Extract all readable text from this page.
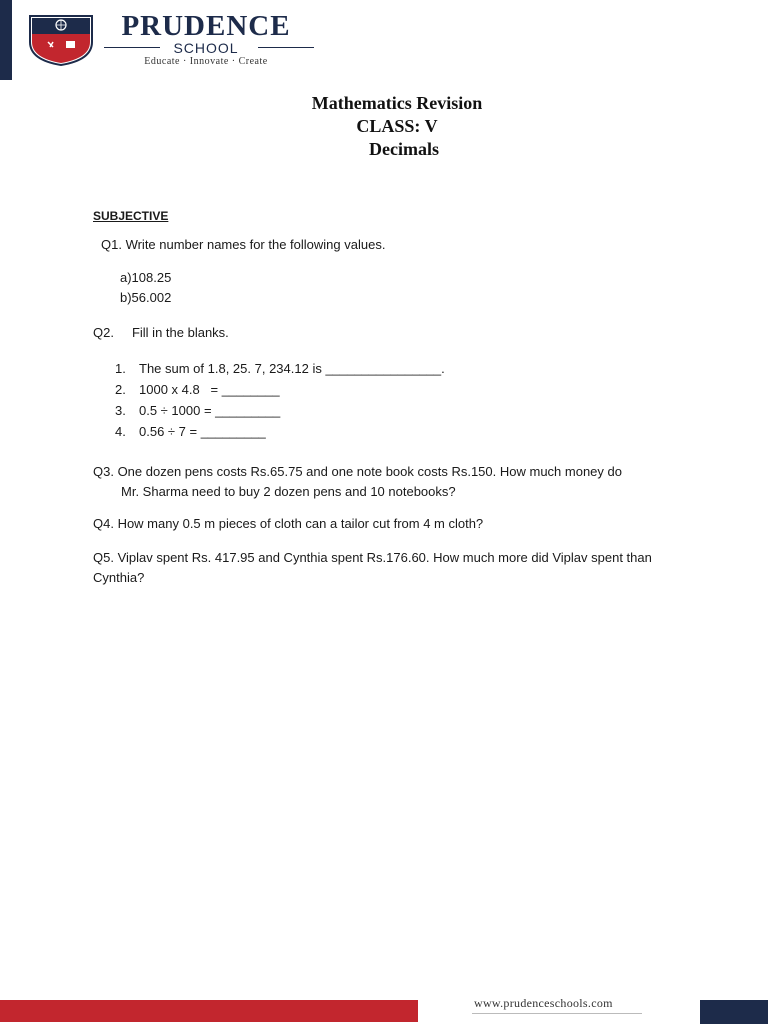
PRUDENCE
SCHOOL
Educate · Innovate · Create
Mathematics Revision
CLASS: V
Decimals
SUBJECTIVE
Q1. Write number names for the following values.
a)108.25
b)56.002
Q2. Fill in the blanks.
1. The sum of 1.8, 25. 7, 234.12 is ________________.
2. 1000 x 4.8   = ________
3. 0.5 ÷ 1000 = _________
4. 0.56 ÷ 7 = _________
Q3. One dozen pens costs Rs.65.75 and one note book costs Rs.150. How much money do
Mr. Sharma need to buy 2 dozen pens and 10 notebooks?
Q4. How many 0.5 m pieces of cloth can a tailor cut from 4 m cloth?
Q5. Viplav spent Rs. 417.95 and Cynthia spent Rs.176.60. How much more did Viplav spent than Cynthia?
www.prudenceschools.com
